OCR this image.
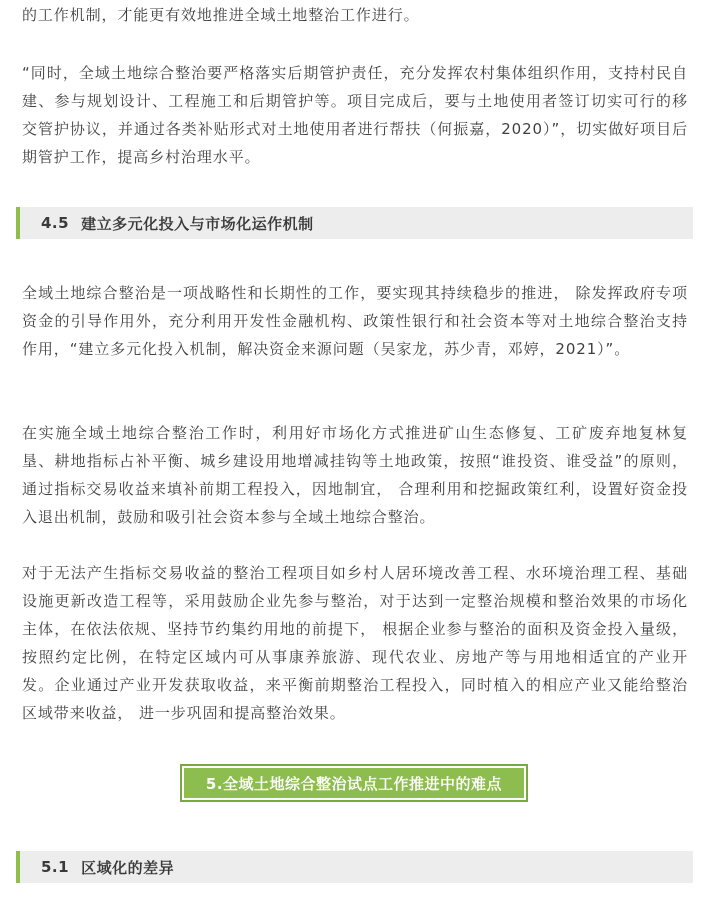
的工作机制，才能更有效地推进全域土地整治工作进行。

“同时，全域土地综合整治要严格落实后期管护责任，充分发挥农村集体组织作用，支持村民自建、参与规划设计、工程施工和后期管护等。项目完成后，要与土地使用者签订切实可行的移交管护协议，并通过各类补贴形式对土地使用者进行帮扶（何振嘉，2020）”，切实做好项目后期管护工作，提高乡村治理水平。

4.5 建立多元化投入与市场化运作机制

全域土地综合整治是一项战略性和长期性的工作，要实现其持续稳步的推进， 除发挥政府专项资金的引导作用外，充分利用开发性金融机构、政策性银行和社会资本等对土地综合整治支持作用，“建立多元化投入机制，解决资金来源问题（吴家龙，苏少青，邓婷，2021）”。

在实施全域土地综合整治工作时，利用好市场化方式推进矿山生态修复、工矿废弃地复林复垦、耕地指标占补平衡、城乡建设用地增减挂钩等土地政策，按照“谁投资、谁受益”的原则，通过指标交易收益来填补前期工程投入，因地制宜， 合理利用和挖掘政策红利，设置好资金投入退出机制，鼓励和吸引社会资本参与全域土地综合整治。

对于无法产生指标交易收益的整治工程项目如乡村人居环境改善工程、水环境治理工程、基础设施更新改造工程等，采用鼓励企业先参与整治，对于达到一定整治规模和整治效果的市场化主体，在依法依规、坚持节约集约用地的前提下， 根据企业参与整治的面积及资金投入量级，按照约定比例，在特定区域内可从事康养旅游、现代农业、房地产等与用地相适宜的产业开发。企业通过产业开发获取收益，来平衡前期整治工程投入，同时植入的相应产业又能给整治区域带来收益， 进一步巩固和提高整治效果。

5.全域土地综合整治试点工作推进中的难点
5.1 区域化的差异
